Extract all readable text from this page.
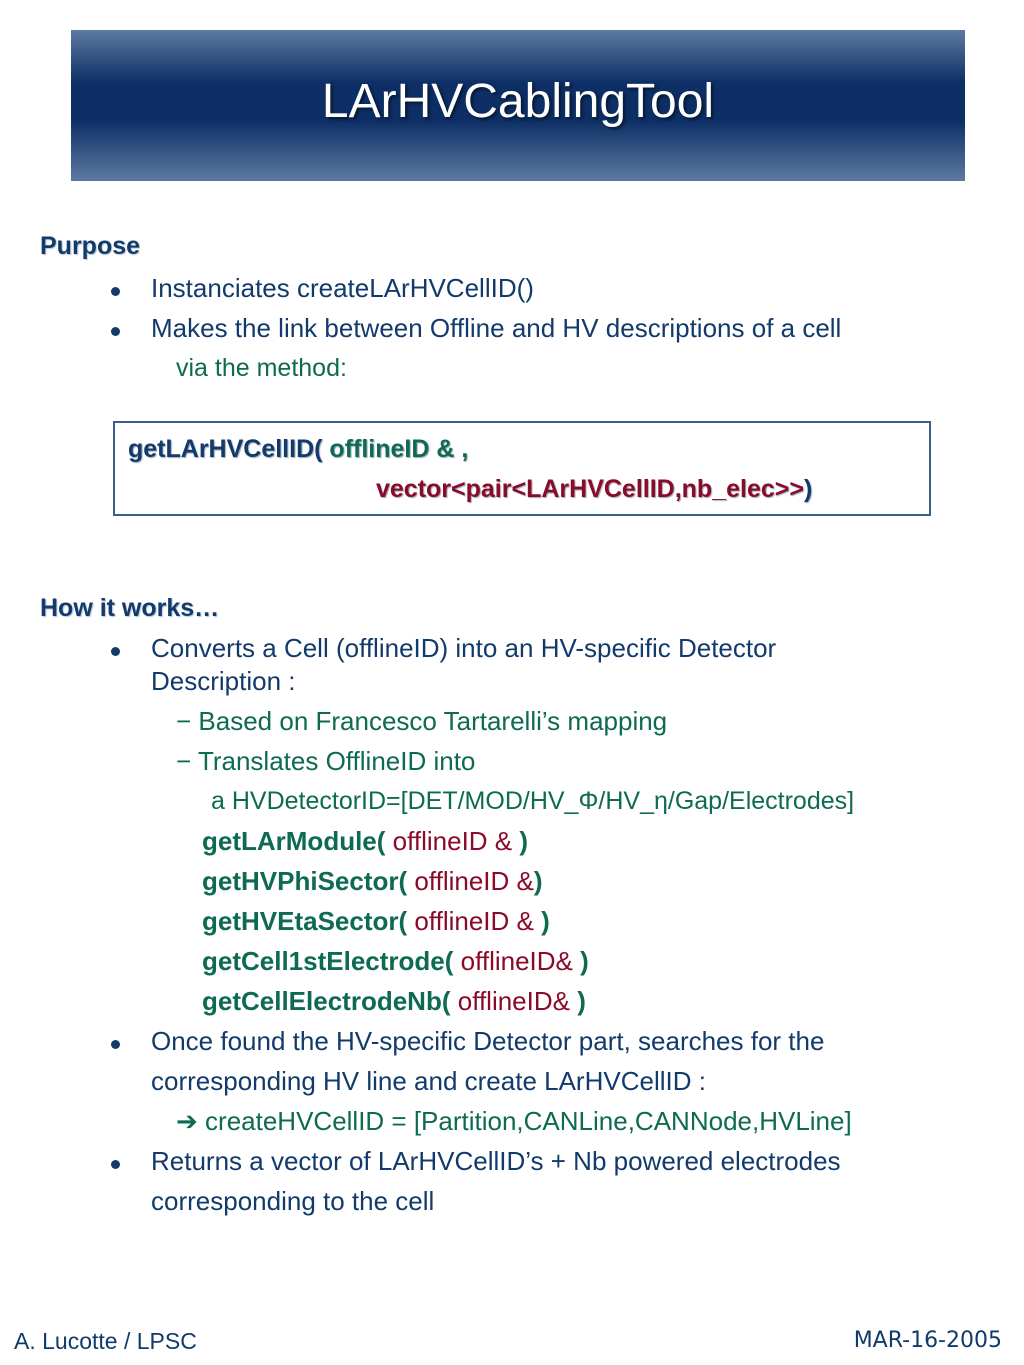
LArHVCablingTool
Purpose
Instanciates createLArHVCellID()
Makes the link between Offline and HV descriptions of a cell
via the method:
getLArHVCellID( offlineID & ,
vector<pair<LArHVCellID,nb_elec>>)
How it works…
Converts a Cell (offlineID) into an HV-specific Detector
Description :
− Based on Francesco Tartarelli’s mapping
− Translates OfflineID into
a HVDetectorID=[DET/MOD/HV_Φ/HV_η/Gap/Electrodes]
getLArModule( offlineID & )
getHVPhiSector( offlineID &)
getHVEtaSector( offlineID & )
getCell1stElectrode( offlineID& )
getCellElectrodeNb( offlineID& )
Once found the HV-specific Detector part, searches for the
corresponding HV line and create LArHVCellID :
➔ createHVCellID = [Partition,CANLine,CANNode,HVLine]
Returns a vector of LArHVCellID’s + Nb powered electrodes
corresponding to the cell
A. Lucotte / LPSC	MAR-16-2005
